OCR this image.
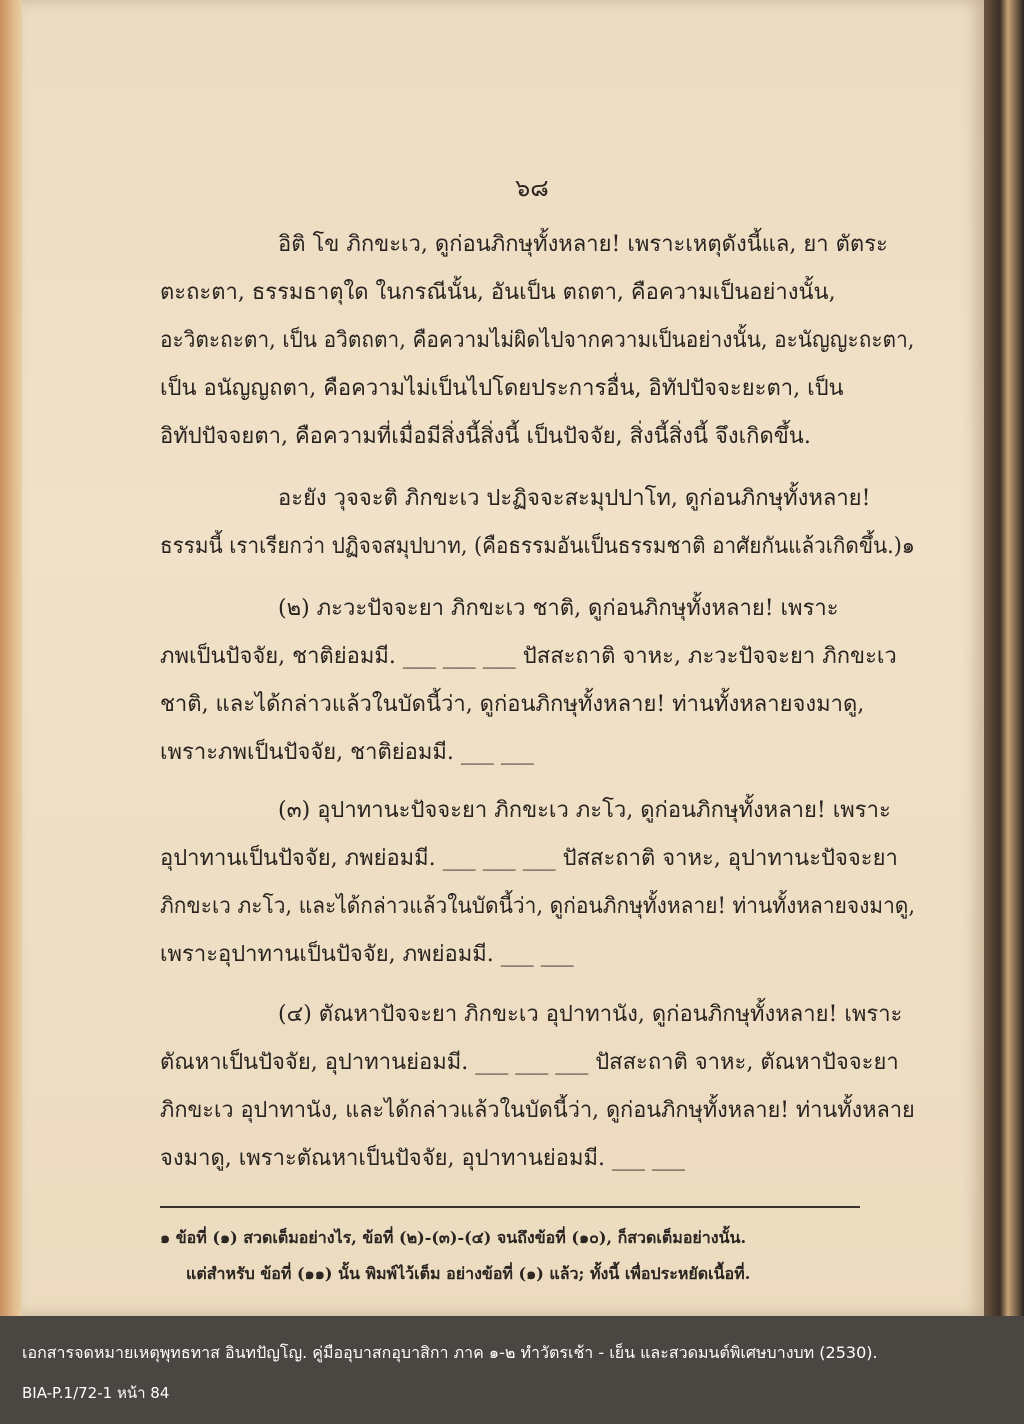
๖๘
อิติ โข ภิกขะเว, ดูก่อนภิกษุทั้งหลาย! เพราะเหตุดังนี้แล, ยา ตัตระ
ตะถะตา, ธรรมธาตุใด ในกรณีนั้น, อันเป็น ตถตา, คือความเป็นอย่างนั้น,
อะวิตะถะตา, เป็น อวิตถตา, คือความไม่ผิดไปจากความเป็นอย่างนั้น, อะนัญญะถะตา,
เป็น อนัญญถตา, คือความไม่เป็นไปโดยประการอื่น, อิทัปปัจจะยะตา, เป็น
อิทัปปัจจยตา, คือความที่เมื่อมีสิ่งนี้สิ่งนี้ เป็นปัจจัย, สิ่งนี้สิ่งนี้ จึงเกิดขึ้น.
อะยัง วุจจะติ ภิกขะเว ปะฏิจจะสะมุปปาโท, ดูก่อนภิกษุทั้งหลาย!
ธรรมนี้ เราเรียกว่า ปฏิจจสมุปบาท, (คือธรรมอันเป็นธรรมชาติ อาศัยกันแล้วเกิดขึ้น.)๑
(๒) ภะวะปัจจะยา ภิกขะเว ชาติ, ดูก่อนภิกษุทั้งหลาย! เพราะ
ภพเป็นปัจจัย, ชาติย่อมมี. ___ ___ ___ ปัสสะถาติ จาหะ, ภะวะปัจจะยา ภิกขะเว
ชาติ, และได้กล่าวแล้วในบัดนี้ว่า, ดูก่อนภิกษุทั้งหลาย! ท่านทั้งหลายจงมาดู,
เพราะภพเป็นปัจจัย, ชาติย่อมมี. ___ ___
(๓) อุปาทานะปัจจะยา ภิกขะเว ภะโว, ดูก่อนภิกษุทั้งหลาย! เพราะ
อุปาทานเป็นปัจจัย, ภพย่อมมี. ___ ___ ___ ปัสสะถาติ จาหะ, อุปาทานะปัจจะยา
ภิกขะเว ภะโว, และได้กล่าวแล้วในบัดนี้ว่า, ดูก่อนภิกษุทั้งหลาย! ท่านทั้งหลายจงมาดู,
เพราะอุปาทานเป็นปัจจัย, ภพย่อมมี. ___ ___
(๔) ตัณหาปัจจะยา ภิกขะเว อุปาทานัง, ดูก่อนภิกษุทั้งหลาย! เพราะ
ตัณหาเป็นปัจจัย, อุปาทานย่อมมี. ___ ___ ___ ปัสสะถาติ จาหะ, ตัณหาปัจจะยา
ภิกขะเว อุปาทานัง, และได้กล่าวแล้วในบัดนี้ว่า, ดูก่อนภิกษุทั้งหลาย! ท่านทั้งหลาย
จงมาดู, เพราะตัณหาเป็นปัจจัย, อุปาทานย่อมมี. ___ ___
๑ ข้อที่ (๑) สวดเต็มอย่างไร, ข้อที่ (๒)-(๓)-(๔) จนถึงข้อที่ (๑๐), ก็สวดเต็มอย่างนั้น.
แต่สำหรับ ข้อที่ (๑๑) นั้น พิมพ์ไว้เต็ม อย่างข้อที่ (๑) แล้ว; ทั้งนี้ เพื่อประหยัดเนื้อที่.
เอกสารจดหมายเหตุพุทธทาส อินทปัญโญ. คู่มืออุบาสกอุบาสิกา ภาค ๑-๒ ทำวัตรเช้า - เย็น และสวดมนต์พิเศษบางบท (2530).
BIA-P.1/72-1 หน้า 84
